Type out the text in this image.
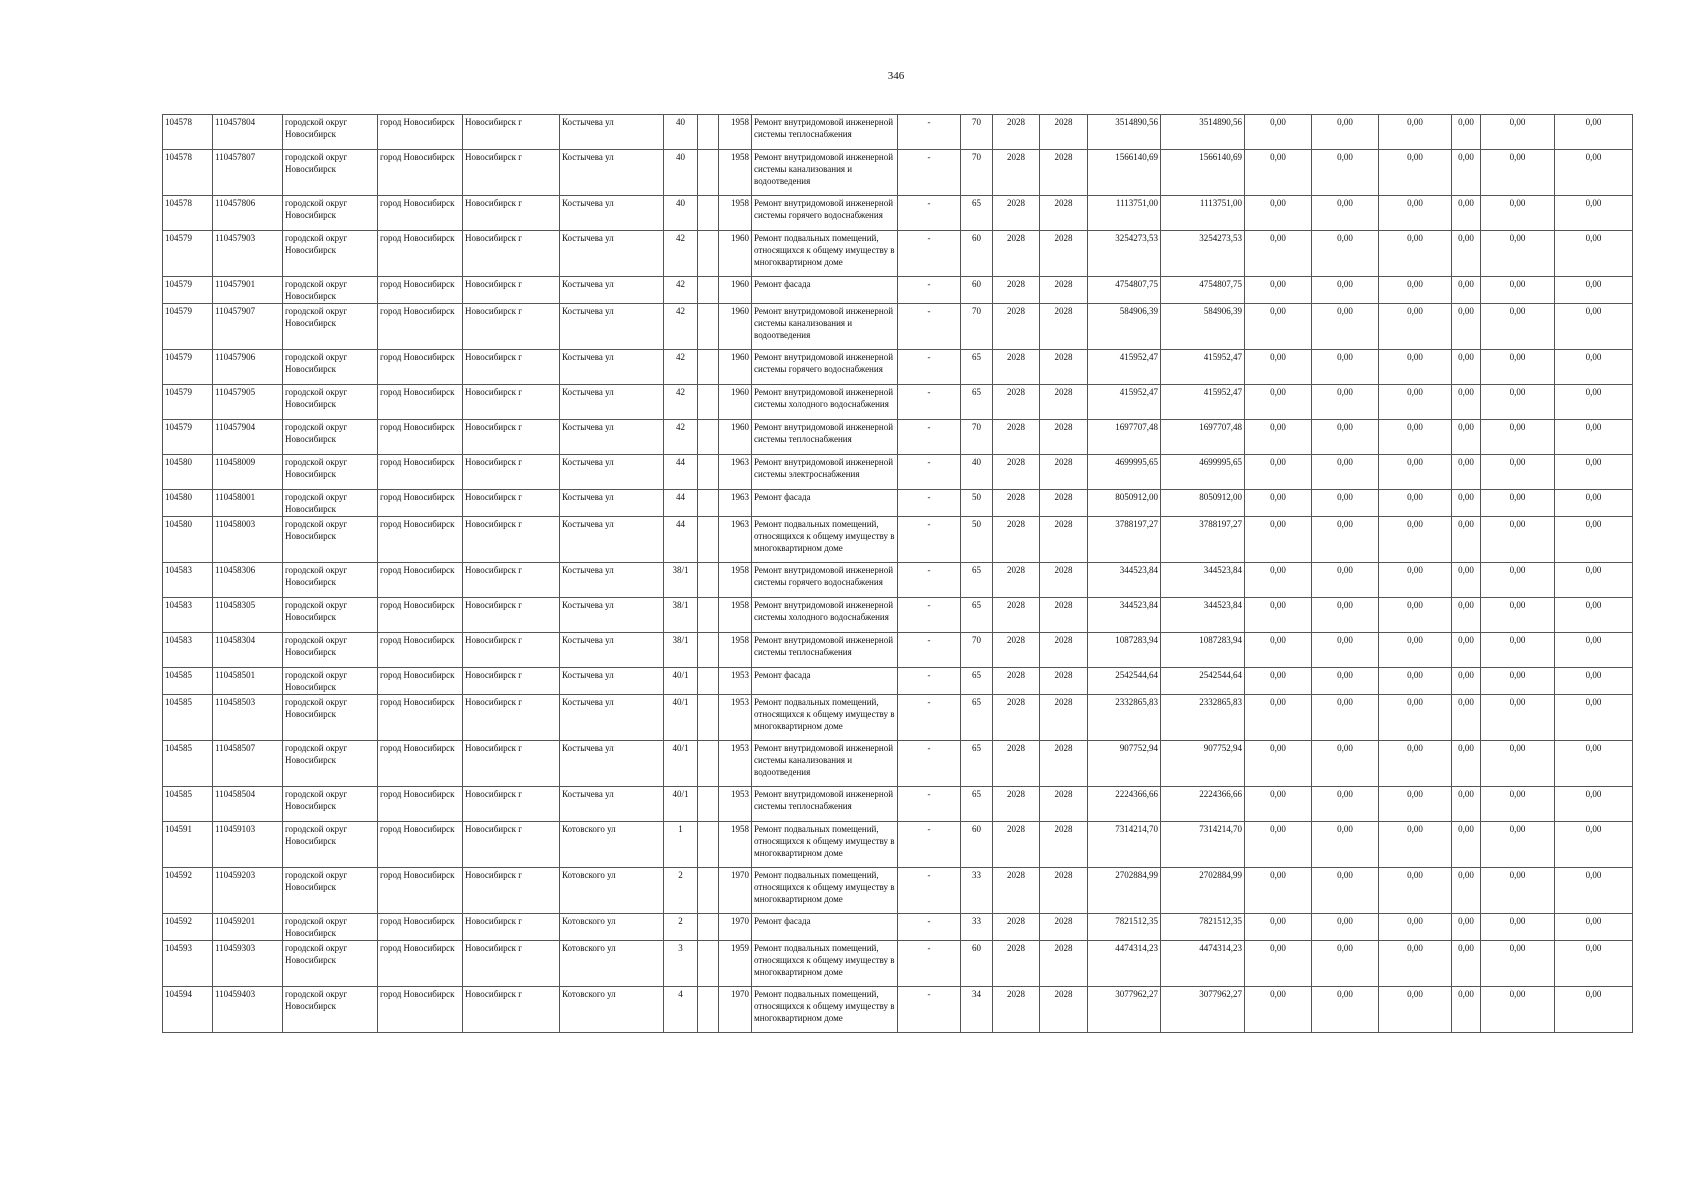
346
104578	110457804	городской округ Новосибирск	город Новосибирск	Новосибирск г	Костычева ул	40		1958	Ремонт внутридомовой инженерной системы теплоснабжения	-	70	2028	2028	3514890,56	3514890,56	0,00	0,00	0,00	0,00	0,00	0,00
104578	110457807	городской округ Новосибирск	город Новосибирск	Новосибирск г	Костычева ул	40		1958	Ремонт внутридомовой инженерной системы канализования и водоотведения	-	70	2028	2028	1566140,69	1566140,69	0,00	0,00	0,00	0,00	0,00	0,00
104578	110457806	городской округ Новосибирск	город Новосибирск	Новосибирск г	Костычева ул	40		1958	Ремонт внутридомовой инженерной системы горячего водоснабжения	-	65	2028	2028	1113751,00	1113751,00	0,00	0,00	0,00	0,00	0,00	0,00
104579	110457903	городской округ Новосибирск	город Новосибирск	Новосибирск г	Костычева ул	42		1960	Ремонт подвальных помещений, относящихся к общему имуществу в многоквартирном доме	-	60	2028	2028	3254273,53	3254273,53	0,00	0,00	0,00	0,00	0,00	0,00
104579	110457901	городской округ Новосибирск	город Новосибирск	Новосибирск г	Костычева ул	42		1960	Ремонт фасада	-	60	2028	2028	4754807,75	4754807,75	0,00	0,00	0,00	0,00	0,00	0,00
104579	110457907	городской округ Новосибирск	город Новосибирск	Новосибирск г	Костычева ул	42		1960	Ремонт внутридомовой инженерной системы канализования и водоотведения	-	70	2028	2028	584906,39	584906,39	0,00	0,00	0,00	0,00	0,00	0,00
104579	110457906	городской округ Новосибирск	город Новосибирск	Новосибирск г	Костычева ул	42		1960	Ремонт внутридомовой инженерной системы горячего водоснабжения	-	65	2028	2028	415952,47	415952,47	0,00	0,00	0,00	0,00	0,00	0,00
104579	110457905	городской округ Новосибирск	город Новосибирск	Новосибирск г	Костычева ул	42		1960	Ремонт внутридомовой инженерной системы холодного водоснабжения	-	65	2028	2028	415952,47	415952,47	0,00	0,00	0,00	0,00	0,00	0,00
104579	110457904	городской округ Новосибирск	город Новосибирск	Новосибирск г	Костычева ул	42		1960	Ремонт внутридомовой инженерной системы теплоснабжения	-	70	2028	2028	1697707,48	1697707,48	0,00	0,00	0,00	0,00	0,00	0,00
104580	110458009	городской округ Новосибирск	город Новосибирск	Новосибирск г	Костычева ул	44		1963	Ремонт внутридомовой инженерной системы электроснабжения	-	40	2028	2028	4699995,65	4699995,65	0,00	0,00	0,00	0,00	0,00	0,00
104580	110458001	городской округ Новосибирск	город Новосибирск	Новосибирск г	Костычева ул	44		1963	Ремонт фасада	-	50	2028	2028	8050912,00	8050912,00	0,00	0,00	0,00	0,00	0,00	0,00
104580	110458003	городской округ Новосибирск	город Новосибирск	Новосибирск г	Костычева ул	44		1963	Ремонт подвальных помещений, относящихся к общему имуществу в многоквартирном доме	-	50	2028	2028	3788197,27	3788197,27	0,00	0,00	0,00	0,00	0,00	0,00
104583	110458306	городской округ Новосибирск	город Новосибирск	Новосибирск г	Костычева ул	38/1		1958	Ремонт внутридомовой инженерной системы горячего водоснабжения	-	65	2028	2028	344523,84	344523,84	0,00	0,00	0,00	0,00	0,00	0,00
104583	110458305	городской округ Новосибирск	город Новосибирск	Новосибирск г	Костычева ул	38/1		1958	Ремонт внутридомовой инженерной системы холодного водоснабжения	-	65	2028	2028	344523,84	344523,84	0,00	0,00	0,00	0,00	0,00	0,00
104583	110458304	городской округ Новосибирск	город Новосибирск	Новосибирск г	Костычева ул	38/1		1958	Ремонт внутридомовой инженерной системы теплоснабжения	-	70	2028	2028	1087283,94	1087283,94	0,00	0,00	0,00	0,00	0,00	0,00
104585	110458501	городской округ Новосибирск	город Новосибирск	Новосибирск г	Костычева ул	40/1		1953	Ремонт фасада	-	65	2028	2028	2542544,64	2542544,64	0,00	0,00	0,00	0,00	0,00	0,00
104585	110458503	городской округ Новосибирск	город Новосибирск	Новосибирск г	Костычева ул	40/1		1953	Ремонт подвальных помещений, относящихся к общему имуществу в многоквартирном доме	-	65	2028	2028	2332865,83	2332865,83	0,00	0,00	0,00	0,00	0,00	0,00
104585	110458507	городской округ Новосибирск	город Новосибирск	Новосибирск г	Костычева ул	40/1		1953	Ремонт внутридомовой инженерной системы канализования и водоотведения	-	65	2028	2028	907752,94	907752,94	0,00	0,00	0,00	0,00	0,00	0,00
104585	110458504	городской округ Новосибирск	город Новосибирск	Новосибирск г	Костычева ул	40/1		1953	Ремонт внутридомовой инженерной системы теплоснабжения	-	65	2028	2028	2224366,66	2224366,66	0,00	0,00	0,00	0,00	0,00	0,00
104591	110459103	городской округ Новосибирск	город Новосибирск	Новосибирск г	Котовского ул	1		1958	Ремонт подвальных помещений, относящихся к общему имуществу в многоквартирном доме	-	60	2028	2028	7314214,70	7314214,70	0,00	0,00	0,00	0,00	0,00	0,00
104592	110459203	городской округ Новосибирск	город Новосибирск	Новосибирск г	Котовского ул	2		1970	Ремонт подвальных помещений, относящихся к общему имуществу в многоквартирном доме	-	33	2028	2028	2702884,99	2702884,99	0,00	0,00	0,00	0,00	0,00	0,00
104592	110459201	городской округ Новосибирск	город Новосибирск	Новосибирск г	Котовского ул	2		1970	Ремонт фасада	-	33	2028	2028	7821512,35	7821512,35	0,00	0,00	0,00	0,00	0,00	0,00
104593	110459303	городской округ Новосибирск	город Новосибирск	Новосибирск г	Котовского ул	3		1959	Ремонт подвальных помещений, относящихся к общему имуществу в многоквартирном доме	-	60	2028	2028	4474314,23	4474314,23	0,00	0,00	0,00	0,00	0,00	0,00
104594	110459403	городской округ Новосибирск	город Новосибирск	Новосибирск г	Котовского ул	4		1970	Ремонт подвальных помещений, относящихся к общему имуществу в многоквартирном доме	-	34	2028	2028	3077962,27	3077962,27	0,00	0,00	0,00	0,00	0,00	0,00
